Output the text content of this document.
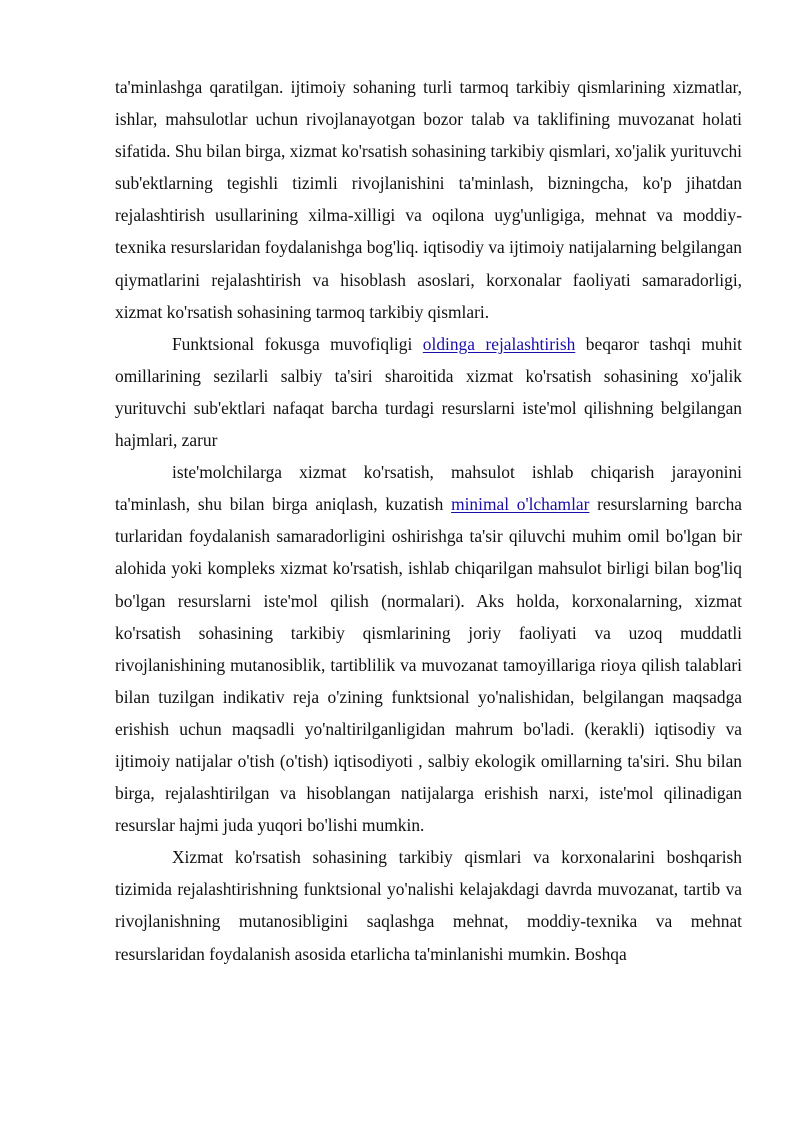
ta'minlashga qaratilgan. ijtimoiy sohaning turli tarmoq tarkibiy qismlarining xizmatlar, ishlar, mahsulotlar uchun rivojlanayotgan bozor talab va taklifining muvozanat holati sifatida. Shu bilan birga, xizmat ko'rsatish sohasining tarkibiy qismlari, xo'jalik yurituvchi sub'ektlarning tegishli tizimli rivojlanishini ta'minlash, bizningcha, ko'p jihatdan rejalashtirish usullarining xilma-xilligi va oqilona uyg'unligiga, mehnat va moddiy-texnika resurslaridan foydalanishga bog'liq. iqtisodiy va ijtimoiy natijalarning belgilangan qiymatlarini rejalashtirish va hisoblash asoslari, korxonalar faoliyati samaradorligi, xizmat ko'rsatish sohasining tarmoq tarkibiy qismlari.

Funktsional fokusga muvofiqligi oldinga rejalashtirish beqaror tashqi muhit omillarining sezilarli salbiy ta'siri sharoitida xizmat ko'rsatish sohasining xo'jalik yurituvchi sub'ektlari nafaqat barcha turdagi resurslarni iste'mol qilishning belgilangan hajmlari, zarur

iste'molchilarga xizmat ko'rsatish, mahsulot ishlab chiqarish jarayonini ta'minlash, shu bilan birga aniqlash, kuzatish minimal o'lchamlar resurslarning barcha turlaridan foydalanish samaradorligini oshirishga ta'sir qiluvchi muhim omil bo'lgan bir alohida yoki kompleks xizmat ko'rsatish, ishlab chiqarilgan mahsulot birligi bilan bog'liq bo'lgan resurslarni iste'mol qilish (normalari). Aks holda, korxonalarning, xizmat ko'rsatish sohasining tarkibiy qismlarining joriy faoliyati va uzoq muddatli rivojlanishining mutanosiblik, tartiblilik va muvozanat tamoyillariga rioya qilish talablari bilan tuzilgan indikativ reja o'zining funktsional yo'nalishidan, belgilangan maqsadga erishish uchun maqsadli yo'naltirilganligidan mahrum bo'ladi. (kerakli) iqtisodiy va ijtimoiy natijalar o'tish (o'tish) iqtisodiyoti , salbiy ekologik omillarning ta'siri. Shu bilan birga, rejalashtirilgan va hisoblangan natijalarga erishish narxi, iste'mol qilinadigan resurslar hajmi juda yuqori bo'lishi mumkin.

Xizmat ko'rsatish sohasining tarkibiy qismlari va korxonalarini boshqarish tizimida rejalashtirishning funktsional yo'nalishi kelajakdagi davrda muvozanat, tartib va rivojlanishning mutanosibligini saqlashga mehnat, moddiy-texnika va mehnat resurslaridan foydalanish asosida etarlicha ta'minlanishi mumkin. Boshqa
